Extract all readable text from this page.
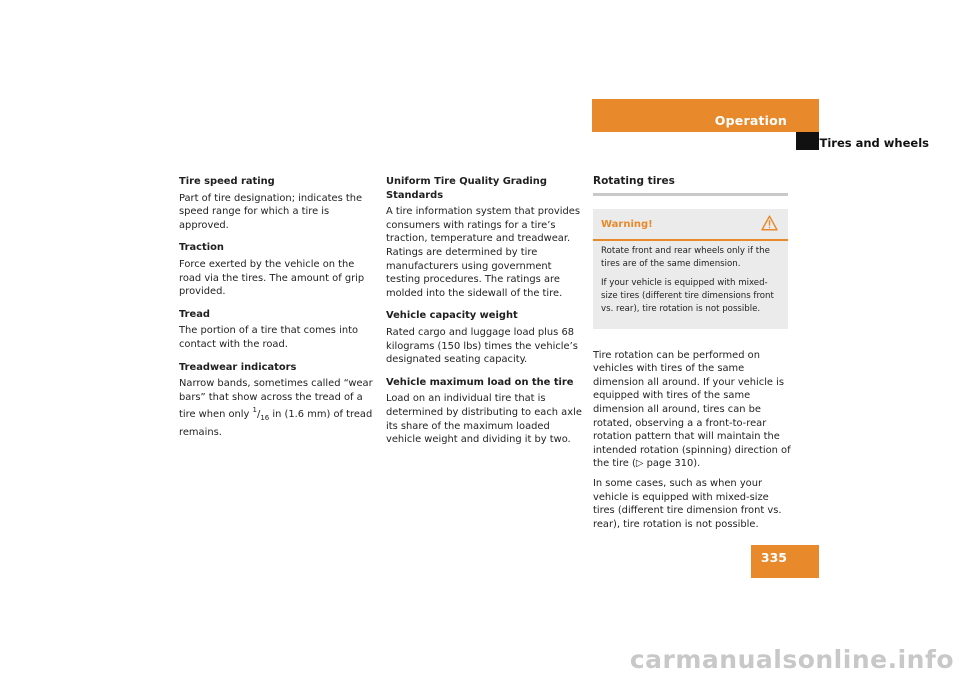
Operation
Tires and wheels

Tire speed rating

Part of tire designation; indicates the speed range for which a tire is approved.

Traction

Force exerted by the vehicle on the road via the tires. The amount of grip provided.

Tread

The portion of a tire that comes into contact with the road.

Treadwear indicators

Narrow bands, sometimes called “wear bars” that show across the tread of a tire when only $^1/_{16}$ in (1.6 mm) of tread remains.

Uniform Tire Quality Grading Standards

A tire information system that provides consumers with ratings for a tire’s traction, temperature and treadwear. Ratings are determined by tire manufacturers using government testing procedures. The ratings are molded into the sidewall of the tire.

Vehicle capacity weight

Rated cargo and luggage load plus 68 kilograms (150 lbs) times the vehicle’s designated seating capacity.

Vehicle maximum load on the tire

Load on an individual tire that is determined by distributing to each axle its share of the maximum loaded vehicle weight and dividing it by two.

Rotating tires

Warning!

Rotate front and rear wheels only if the tires are of the same dimension.

If your vehicle is equipped with mixed-size tires (different tire dimensions front vs. rear), tire rotation is not possible.

Tire rotation can be performed on vehicles with tires of the same dimension all around. If your vehicle is equipped with tires of the same dimension all around, tires can be rotated, observing a a front-to-rear rotation pattern that will maintain the intended rotation (spinning) direction of the tire (▷ page 310).

In some cases, such as when your vehicle is equipped with mixed-size tires (different tire dimension front vs. rear), tire rotation is not possible.

335
carmanualsonline.info
